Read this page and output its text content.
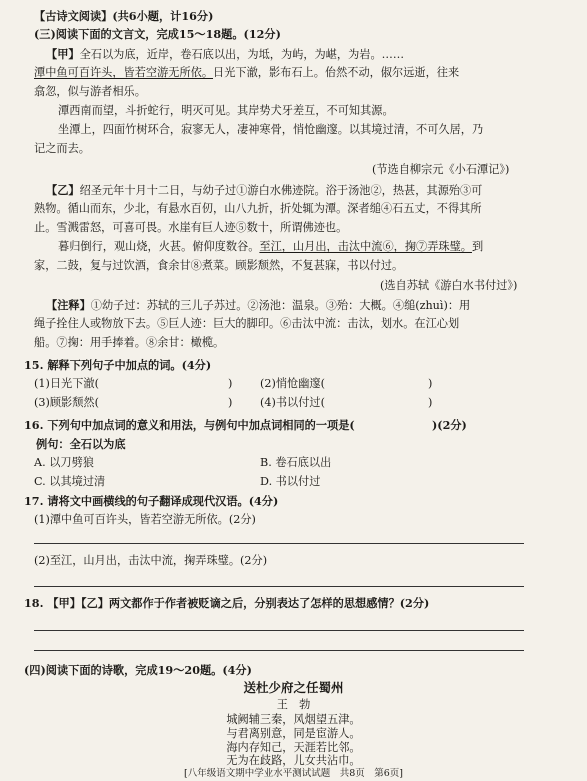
【古诗文阅读】(共6小题，计16分)
(三)阅读下面的文言文，完成15～18题。(12分)
【甲】全石以为底，近岸，卷石底以出，为坻，为屿，为嵁，为岩。……
潭中鱼可百许头，皆若空游无所依。日光下澈，影布石上。佁然不动，俶尔远逝，往来
翕忽，似与游者相乐。
潭西南而望，斗折蛇行，明灭可见。其岸势犬牙差互，不可知其源。
坐潭上，四面竹树环合，寂寥无人，凄神寒骨，悄怆幽邃。以其境过清，不可久居，乃
记之而去。
(节选自柳宗元《小石潭记》)
【乙】绍圣元年十月十二日，与幼子过①游白水佛迹院。浴于汤池②，热甚，其源殆③可
熟物。循山而东，少北，有悬水百仞，山八九折，折处辄为潭。深者缒④石五丈，不得其所
止。雪溅雷怒，可喜可畏。水崖有巨人迹⑤数十，所谓佛迹也。
暮归倒行，观山烧，火甚。俯仰度数谷。至江，山月出，击汰中流⑥，掬⑦弄珠璧。到
家，二鼓，复与过饮酒，食余甘⑧煮菜。顾影颓然，不复甚寐，书以付过。
(选自苏轼《游白水书付过》)
【注释】①幼子过：苏轼的三儿子苏过。②汤池：温泉。③殆：大概。④缒(zhuì)：用
绳子拴住人或物放下去。⑤巨人迹：巨大的脚印。⑥击汰中流：击汰，划水。在江心划
船。⑦掬：用手捧着。⑧余甘：橄榄。
15. 解释下列句子中加点的词。(4分)
(1)日光下澈(	) (2)悄怆幽邃(	)
(3)顾影颓然(	) (4)书以付过(	)
16. 下列句中加点词的意义和用法，与例句中加点词相同的一项是(	)(2分)
例句：全石以为底
A. 以刀劈狼	B. 卷石底以出
C. 以其境过清	D. 书以付过
17. 请将文中画横线的句子翻译成现代汉语。(4分)
(1)潭中鱼可百许头，皆若空游无所依。(2分)
(2)至江，山月出，击汰中流，掬弄珠璧。(2分)
18. 【甲】【乙】两文都作于作者被贬谪之后，分别表达了怎样的思想感情？(2分)
(四)阅读下面的诗歌，完成19～20题。(4分)
送杜少府之任蜀州
王　勃
城阙辅三秦，风烟望五津。
与君离别意，同是宦游人。
海内存知己，天涯若比邻。
无为在歧路，儿女共沾巾。
[八年级语文期中学业水平测试试题　共8页　第6页]
